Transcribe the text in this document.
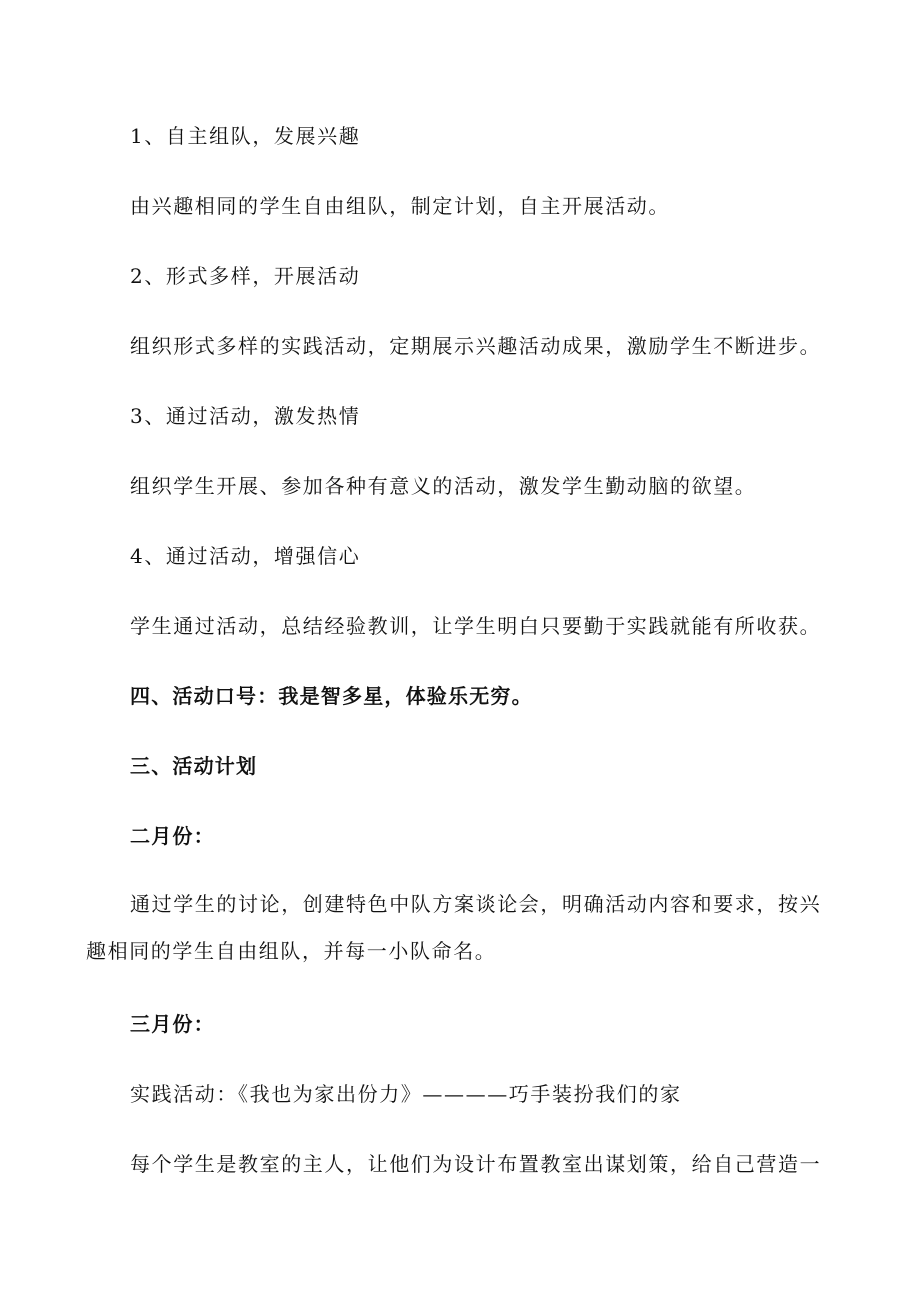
1、自主组队，发展兴趣
由兴趣相同的学生自由组队，制定计划，自主开展活动。
2、形式多样，开展活动
组织形式多样的实践活动，定期展示兴趣活动成果，激励学生不断进步。
3、通过活动，激发热情
组织学生开展、参加各种有意义的活动，激发学生勤动脑的欲望。
4、通过活动，增强信心
学生通过活动，总结经验教训，让学生明白只要勤于实践就能有所收获。
四、活动口号：我是智多星，体验乐无穷。
三、活动计划
二月份：
通过学生的讨论，创建特色中队方案谈论会，明确活动内容和要求，按兴趣相同的学生自由组队，并每一小队命名。
三月份：
实践活动：《我也为家出份力》————巧手装扮我们的家
每个学生是教室的主人，让他们为设计布置教室出谋划策，给自己营造一
